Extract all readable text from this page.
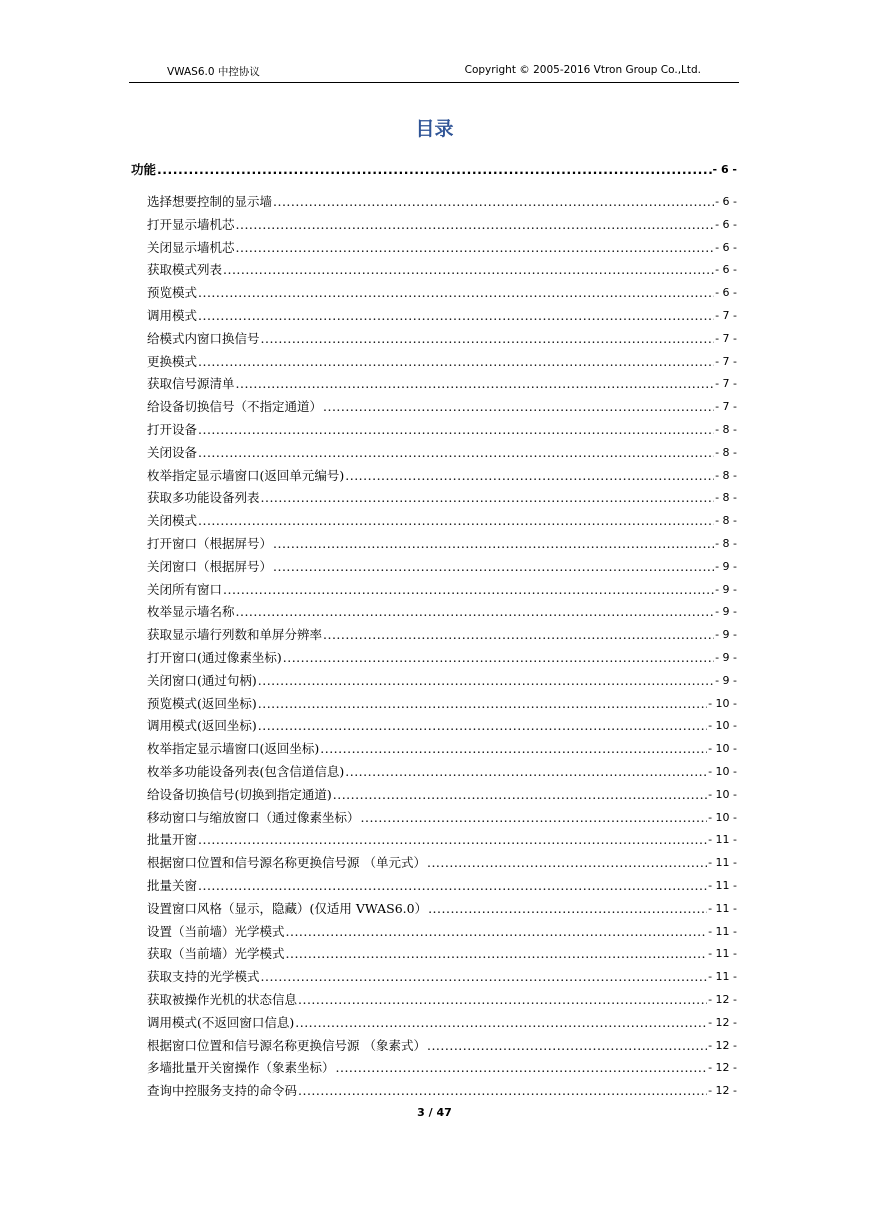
VWAS6.0 中控协议	Copyright © 2005-2016 Vtron Group Co.,Ltd.
目录
功能 .....	- 6 -
选择想要控制的显示墙 .....	- 6 -
打开显示墙机芯 .....	- 6 -
关闭显示墙机芯 .....	- 6 -
获取模式列表 .....	- 6 -
预览模式 .....	- 6 -
调用模式 .....	- 7 -
给模式内窗口换信号 .....	- 7 -
更换模式 .....	- 7 -
获取信号源清单 .....	- 7 -
给设备切换信号（不指定通道） .....	- 7 -
打开设备 .....	- 8 -
关闭设备 .....	- 8 -
枚举指定显示墙窗口(返回单元编号) .....	- 8 -
获取多功能设备列表 .....	- 8 -
关闭模式 .....	- 8 -
打开窗口（根据屏号） .....	- 8 -
关闭窗口（根据屏号） .....	- 9 -
关闭所有窗口 .....	- 9 -
枚举显示墙名称 .....	- 9 -
获取显示墙行列数和单屏分辨率 .....	- 9 -
打开窗口(通过像素坐标) .....	- 9 -
关闭窗口(通过句柄) .....	- 9 -
预览模式(返回坐标) .....	- 10 -
调用模式(返回坐标) .....	- 10 -
枚举指定显示墙窗口(返回坐标) .....	- 10 -
枚举多功能设备列表(包含信道信息) .....	- 10 -
给设备切换信号(切换到指定通道) .....	- 10 -
移动窗口与缩放窗口（通过像素坐标） .....	- 10 -
批量开窗 .....	- 11 -
根据窗口位置和信号源名称更换信号源 （单元式） .....	- 11 -
批量关窗 .....	- 11 -
设置窗口风格（显示，隐藏）(仅适用 VWAS6.0） .....	- 11 -
设置（当前墙）光学模式 .....	- 11 -
获取（当前墙）光学模式 .....	- 11 -
获取支持的光学模式 .....	- 11 -
获取被操作光机的状态信息 .....	- 12 -
调用模式(不返回窗口信息) .....	- 12 -
根据窗口位置和信号源名称更换信号源 （象素式） .....	- 12 -
多墙批量开关窗操作（象素坐标） .....	- 12 -
查询中控服务支持的命令码 .....	- 12 -
3 / 47
